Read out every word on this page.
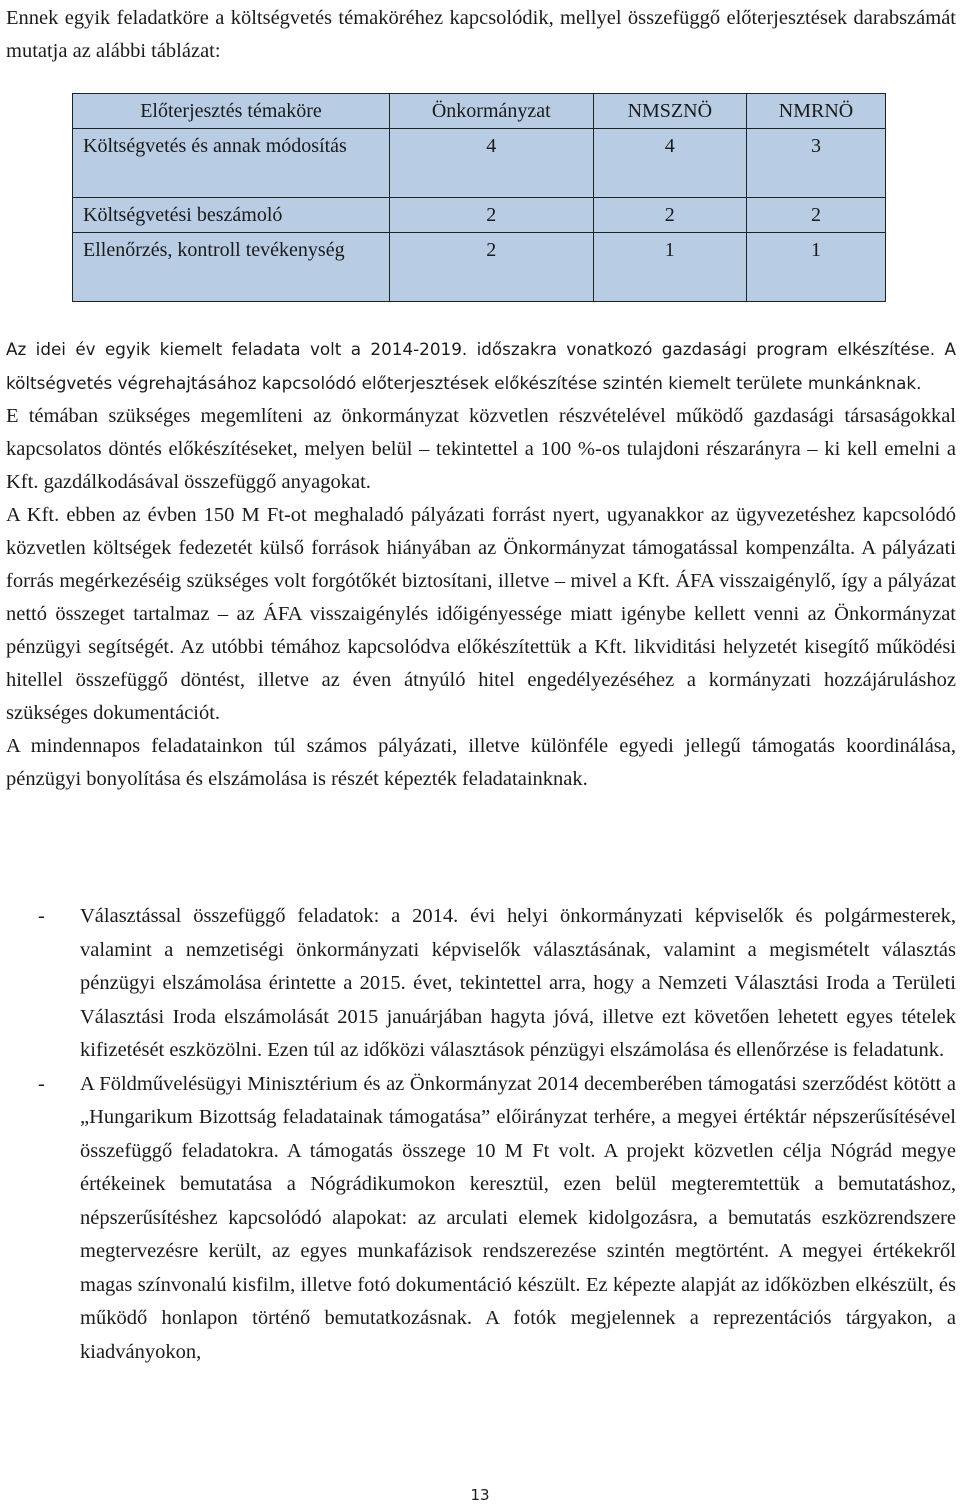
Ennek egyik feladatköre a költségvetés témaköréhez kapcsolódik, mellyel összefüggő előterjesztések darabszámát mutatja az alábbi táblázat:
Előterjesztés témaköre	Önkormányzat	NMSZNÖ	NMRNÖ
Költségvetés és annak módosítás	4	4	3
Költségvetési beszámoló	2	2	2
Ellenőrzés, kontroll tevékenység	2	1	1
Az idei év egyik kiemelt feladata volt a 2014-2019. időszakra vonatkozó gazdasági program elkészítése. A költségvetés végrehajtásához kapcsolódó előterjesztések előkészítése szintén kiemelt területe munkánknak.

E témában szükséges megemlíteni az önkormányzat közvetlen részvételével működő gazdasági társaságokkal kapcsolatos döntés előkészítéseket, melyen belül – tekintettel a 100 %-os tulajdoni részarányra – ki kell emelni a Kft. gazdálkodásával összefüggő anyagokat.

A Kft. ebben az évben 150 M Ft-ot meghaladó pályázati forrást nyert, ugyanakkor az ügyvezetéshez kapcsolódó közvetlen költségek fedezetét külső források hiányában az Önkormányzat támogatással kompenzálta. A pályázati forrás megérkezéséig szükséges volt forgótőkét biztosítani, illetve – mivel a Kft. ÁFA visszaigénylő, így a pályázat nettó összeget tartalmaz – az ÁFA visszaigénylés időigényessége miatt igénybe kellett venni az Önkormányzat pénzügyi segítségét. Az utóbbi témához kapcsolódva előkészítettük a Kft. likviditási helyzetét kisegítő működési hitellel összefüggő döntést, illetve az éven átnyúló hitel engedélyezéséhez a kormányzati hozzájáruláshoz szükséges dokumentációt.

A mindennapos feladatainkon túl számos pályázati, illetve különféle egyedi jellegű támogatás koordinálása, pénzügyi bonyolítása és elszámolása is részét képezték feladatainknak.

- Választással összefüggő feladatok: a 2014. évi helyi önkormányzati képviselők és polgármesterek, valamint a nemzetiségi önkormányzati képviselők választásának, valamint a megismételt választás pénzügyi elszámolása érintette a 2015. évet, tekintettel arra, hogy a Nemzeti Választási Iroda a Területi Választási Iroda elszámolását 2015 januárjában hagyta jóvá, illetve ezt követően lehetett egyes tételek kifizetését eszközölni. Ezen túl az időközi választások pénzügyi elszámolása és ellenőrzése is feladatunk.
- A Földművelésügyi Minisztérium és az Önkormányzat 2014 decemberében támogatási szerződést kötött a „Hungarikum Bizottság feladatainak támogatása” előirányzat terhére, a megyei értéktár népszerűsítésével összefüggő feladatokra. A támogatás összege 10 M Ft volt. A projekt közvetlen célja Nógrád megye értékeinek bemutatása a Nógrádikumokon keresztül, ezen belül megteremtettük a bemutatáshoz, népszerűsítéshez kapcsolódó alapokat: az arculati elemek kidolgozásra, a bemutatás eszközrendszere megtervezésre került, az egyes munkafázisok rendszerezése szintén megtörtént. A megyei értékekről magas színvonalú kisfilm, illetve fotó dokumentáció készült. Ez képezte alapját az időközben elkészült, és működő honlapon történő bemutatkozásnak. A fotók megjelennek a reprezentációs tárgyakon, a kiadványokon,
13
